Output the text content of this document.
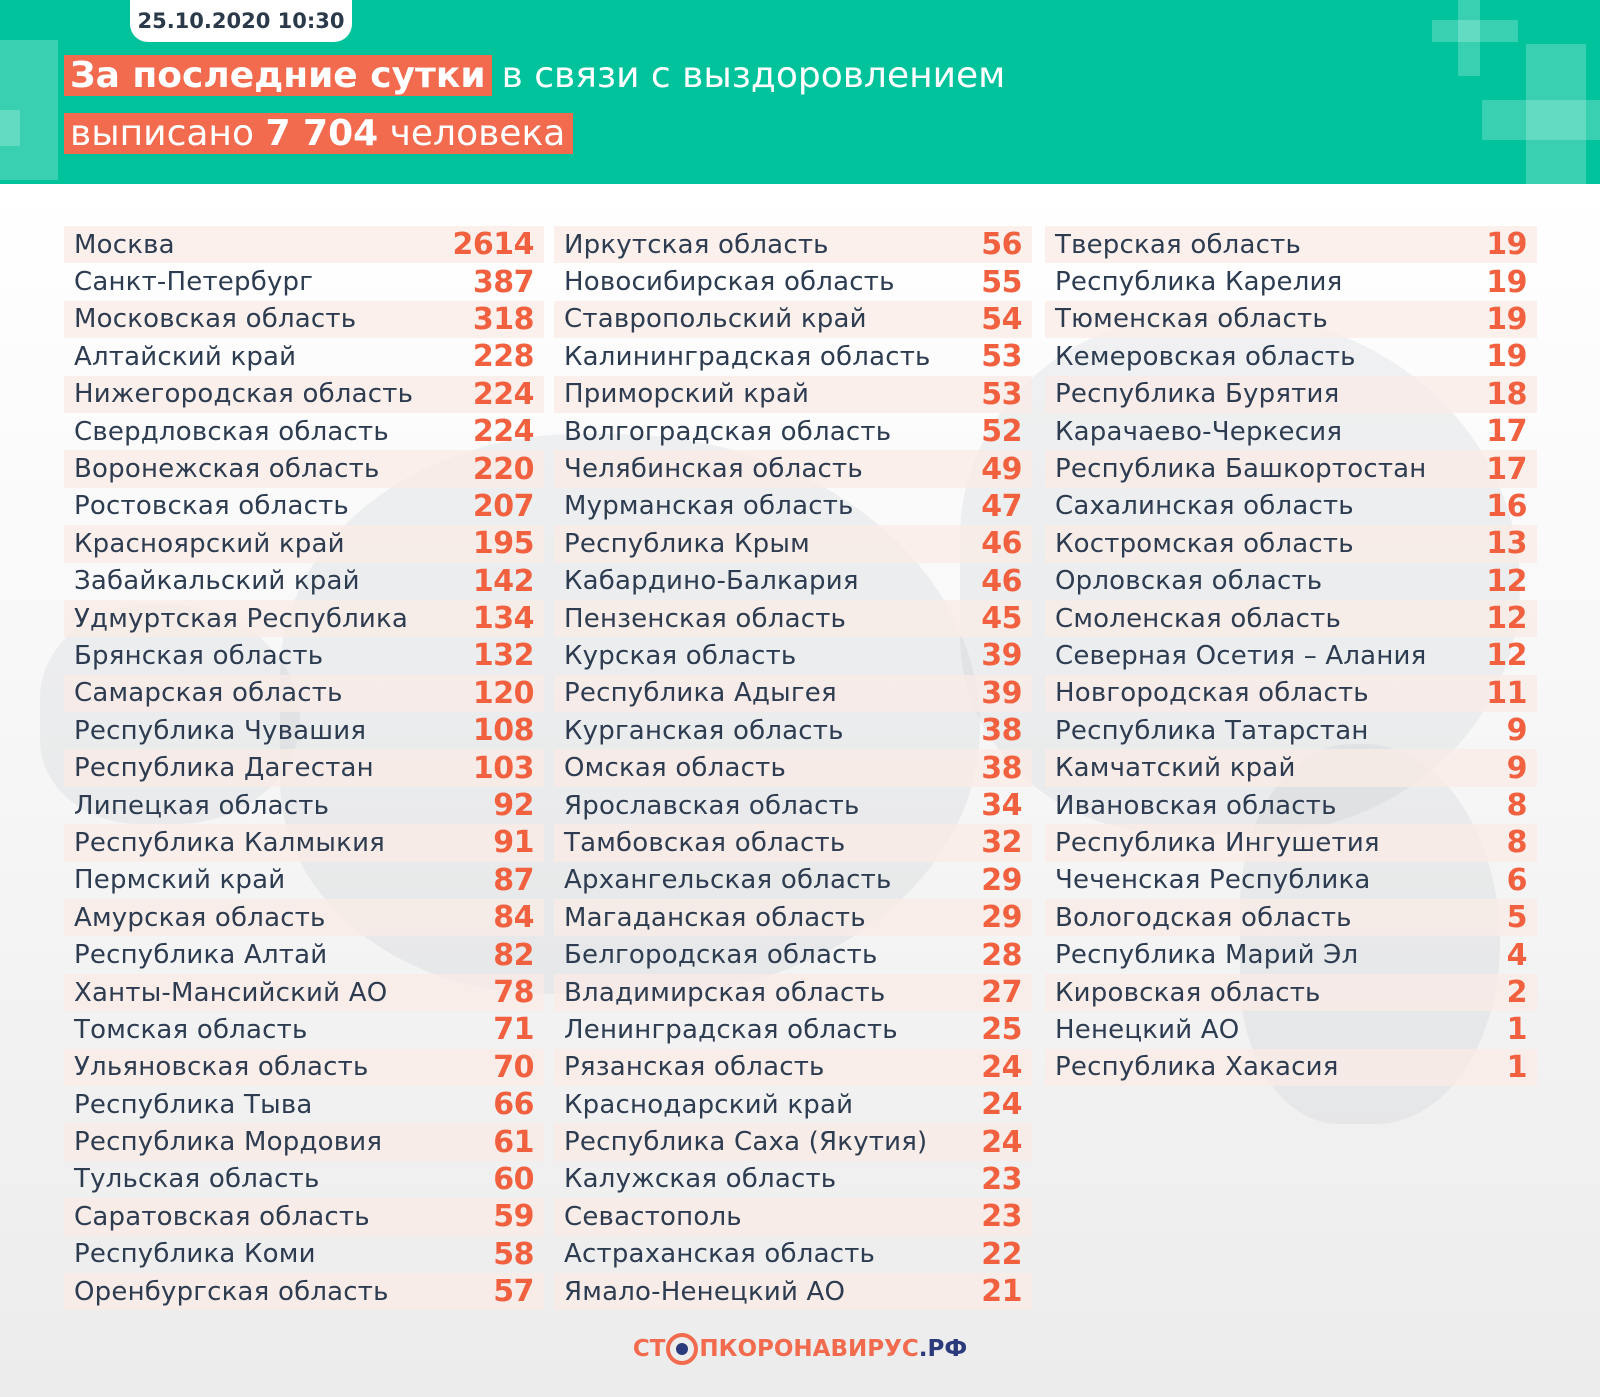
25.10.2020 10:30
За последние сутки в связи с выздоровлением
выписано 7 704 человека
Москва	2614
Санкт-Петербург	387
Московская область	318
Алтайский край	228
Нижегородская область 224
Свердловская область	224
Воронежская область	220
Ростовская область	207
Красноярский край	195
Забайкальский край	142
Удмуртская Республика 134
Брянская область	132
Самарская область	120
Республика Чувашия	108
Республика Дагестан	103
Липецкая область	92
Республика Калмыкия	91
Пермский край	87
Амурская область	84
Республика Алтай	82
Ханты-Мансийский АО	78
Томская область	71
Ульяновская область	70
Республика Тыва	66
Республика Мордовия	61
Тульская область	60
Саратовская область	59
Республика Коми	58
Оренбургская область	57
Иркутская область	56
Новосибирская область	55
Ставропольский край	54
Калининградская область 53
Приморский край	53
Волгоградская область	52
Челябинская область	49
Мурманская область	47
Республика Крым	46
Кабардино-Балкария	46
Пензенская область	45
Курская область	39
Республика Адыгея	39
Курганская область	38
Омская область	38
Ярославская область	34
Тамбовская область	32
Архангельская область	29
Магаданская область	29
Белгородская область	28
Владимирская область	27
Ленинградская область	25
Рязанская область	24
Краснодарский край	24
Республика Саха (Якутия) 24
Калужская область	23
Севастополь	23
Астраханская область	22
Ямало-Ненецкий АО	21
Тверская область	19
Республика Карелия	19
Тюменская область	19
Кемеровская область	19
Республика Бурятия	18
Карачаево-Черкесия	17
Республика Башкортостан 17
Сахалинская область	16
Костромская область	13
Орловская область	12
Смоленская область	12
Северная Осетия – Алания 12
Новгородская область	11
Республика Татарстан	9
Камчатский край	9
Ивановская область	8
Республика Ингушетия	8
Чеченская Республика	6
Вологодская область	5
Республика Марий Эл	4
Кировская область	2
Ненецкий АО	1
Республика Хакасия	1
СТ ПКОРОНАВИРУС .РФ
